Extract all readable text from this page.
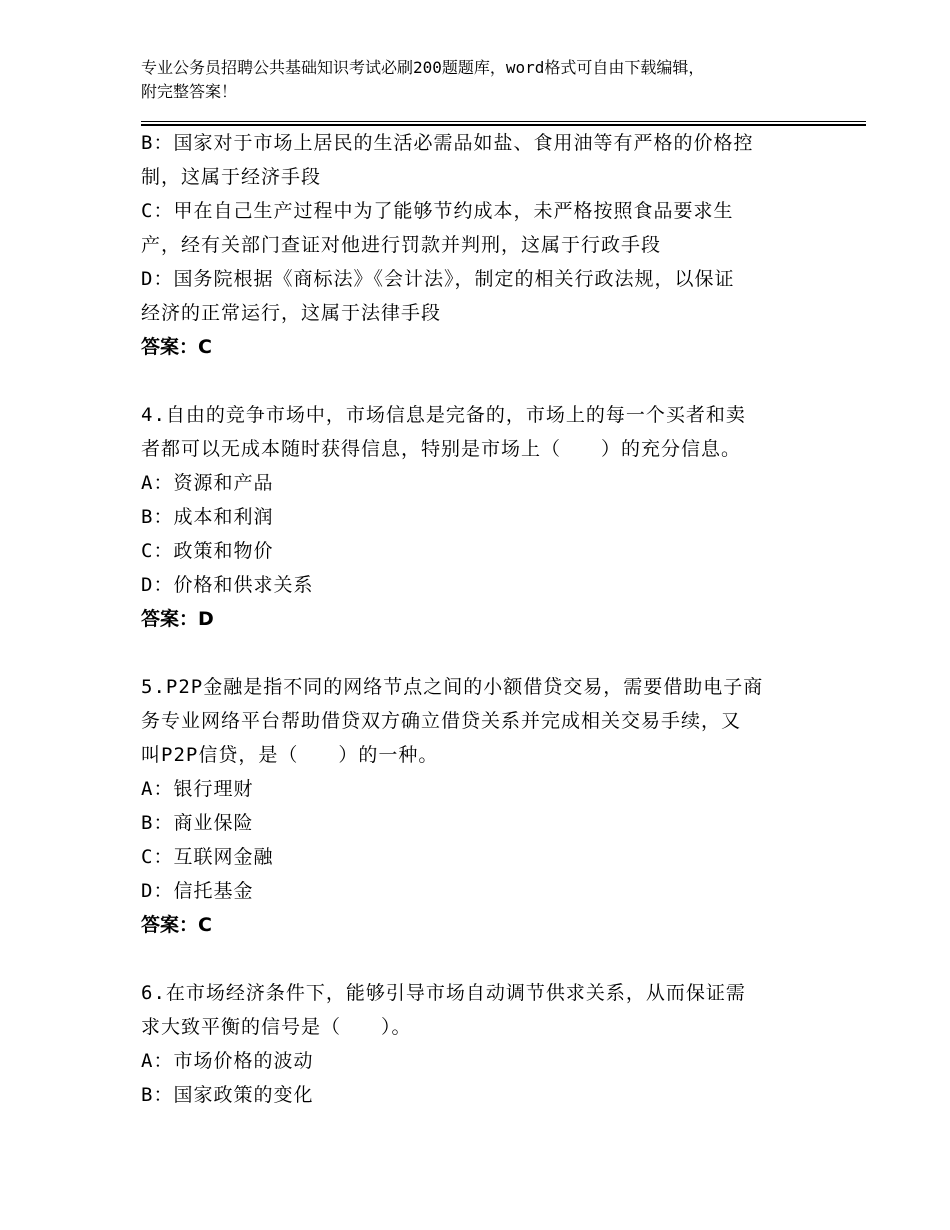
专业公务员招聘公共基础知识考试必刷200题题库，word格式可自由下载编辑，
附完整答案！
B：国家对于市场上居民的生活必需品如盐、食用油等有严格的价格控
制，这属于经济手段
C：甲在自己生产过程中为了能够节约成本，未严格按照食品要求生
产，经有关部门查证对他进行罚款并判刑，这属于行政手段
D：国务院根据《商标法》《会计法》，制定的相关行政法规，以保证
经济的正常运行，这属于法律手段
答案：C
4.自由的竞争市场中，市场信息是完备的，市场上的每一个买者和卖
者都可以无成本随时获得信息，特别是市场上（　　）的充分信息。
A：资源和产品
B：成本和利润
C：政策和物价
D：价格和供求关系
答案：D
5.P2P金融是指不同的网络节点之间的小额借贷交易，需要借助电子商
务专业网络平台帮助借贷双方确立借贷关系并完成相关交易手续，又
叫P2P信贷，是（　　）的一种。
A：银行理财
B：商业保险
C：互联网金融
D：信托基金
答案：C
6.在市场经济条件下，能够引导市场自动调节供求关系，从而保证需
求大致平衡的信号是（　　）。
A：市场价格的波动
B：国家政策的变化
